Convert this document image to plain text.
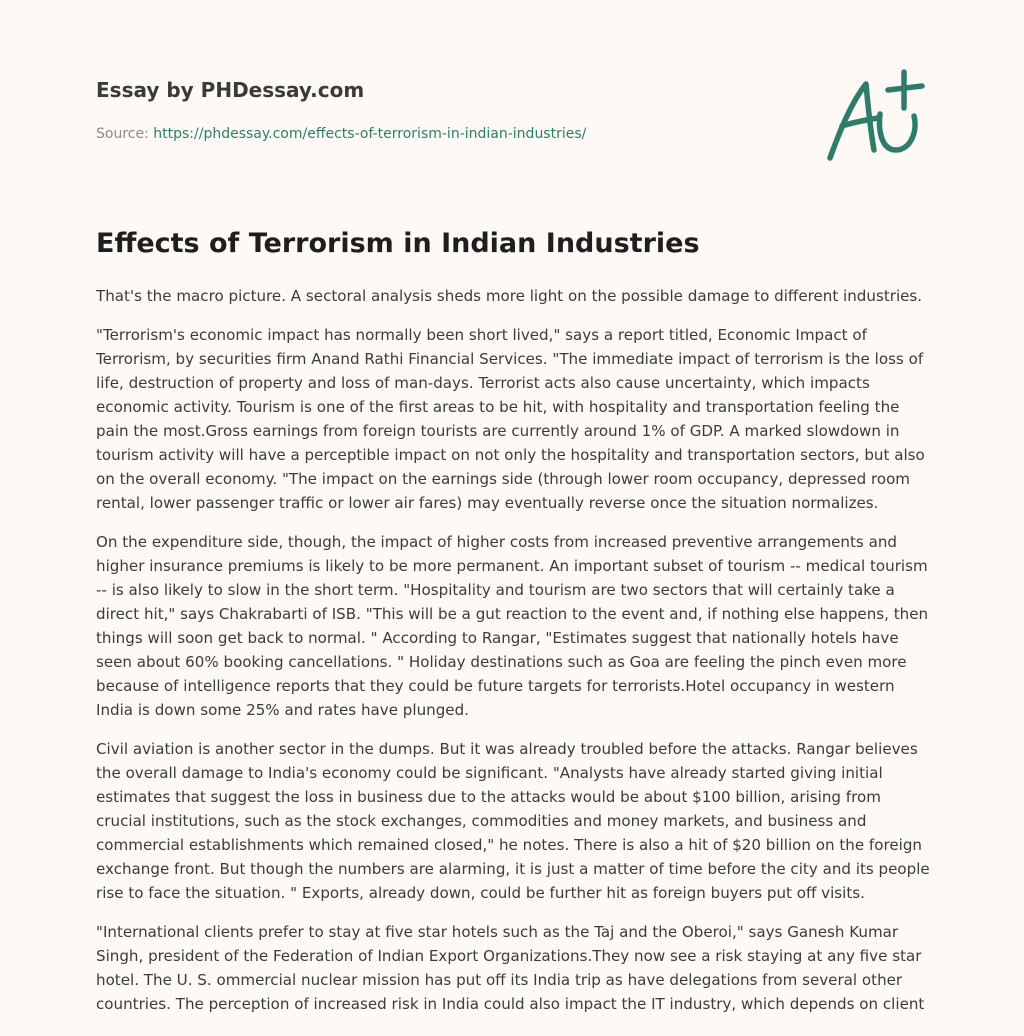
Essay by PHDessay.com
Source: https://phdessay.com/effects-of-terrorism-in-indian-industries/
Effects of Terrorism in Indian Industries

That's the macro picture. A sectoral analysis sheds more light on the possible damage to different industries.

"Terrorism's economic impact has normally been short lived," says a report titled, Economic Impact of Terrorism, by securities firm Anand Rathi Financial Services. "The immediate impact of terrorism is the loss of life, destruction of property and loss of man-days. Terrorist acts also cause uncertainty, which impacts economic activity. Tourism is one of the first areas to be hit, with hospitality and transportation feeling the pain the most.Gross earnings from foreign tourists are currently around 1% of GDP. A marked slowdown in tourism activity will have a perceptible impact on not only the hospitality and transportation sectors, but also on the overall economy. "The impact on the earnings side (through lower room occupancy, depressed room rental, lower passenger traffic or lower air fares) may eventually reverse once the situation normalizes.

On the expenditure side, though, the impact of higher costs from increased preventive arrangements and higher insurance premiums is likely to be more permanent. An important subset of tourism -- medical tourism -- is also likely to slow in the short term. "Hospitality and tourism are two sectors that will certainly take a direct hit," says Chakrabarti of ISB. "This will be a gut reaction to the event and, if nothing else happens, then things will soon get back to normal. " According to Rangar, "Estimates suggest that nationally hotels have seen about 60% booking cancellations. " Holiday destinations such as Goa are feeling the pinch even more because of intelligence reports that they could be future targets for terrorists.Hotel occupancy in western India is down some 25% and rates have plunged.

Civil aviation is another sector in the dumps. But it was already troubled before the attacks. Rangar believes the overall damage to India's economy could be significant. "Analysts have already started giving initial estimates that suggest the loss in business due to the attacks would be about $100 billion, arising from crucial institutions, such as the stock exchanges, commodities and money markets, and business and commercial establishments which remained closed," he notes. There is also a hit of $20 billion on the foreign exchange front. But though the numbers are alarming, it is just a matter of time before the city and its people rise to face the situation. " Exports, already down, could be further hit as foreign buyers put off visits.

"International clients prefer to stay at five star hotels such as the Taj and the Oberoi," says Ganesh Kumar Singh, president of the Federation of Indian Export Organizations.They now see a risk staying at any five star hotel. The U. S. ommercial nuclear mission has put off its India trip as have delegations from several other countries. The perception of increased risk in India could also impact the IT industry, which depends on client
